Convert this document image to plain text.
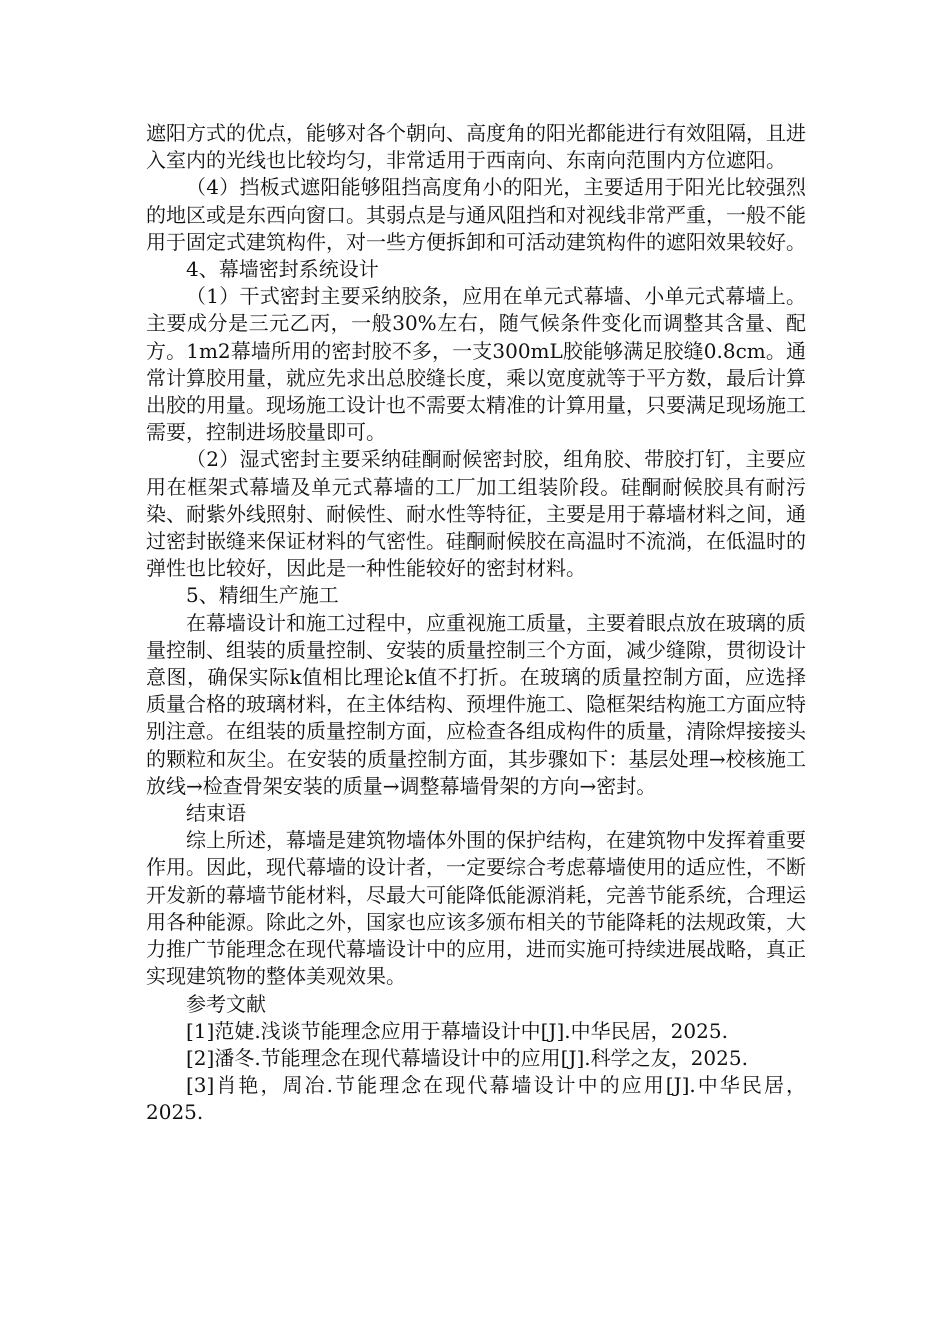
遮阳方式的优点，能够对各个朝向、高度角的阳光都能进行有效阻隔，且进入室内的光线也比较均匀，非常适用于西南向、东南向范围内方位遮阳。

（4）挡板式遮阳能够阻挡高度角小的阳光，主要适用于阳光比较强烈的地区或是东西向窗口。其弱点是与通风阻挡和对视线非常严重，一般不能用于固定式建筑构件，对一些方便拆卸和可活动建筑构件的遮阳效果较好。

4、幕墙密封系统设计

（1）干式密封主要采纳胶条，应用在单元式幕墙、小单元式幕墙上。主要成分是三元乙丙，一般30%左右，随气候条件变化而调整其含量、配方。1m2幕墙所用的密封胶不多，一支300mL胶能够满足胶缝0.8cm。通常计算胶用量，就应先求出总胶缝长度，乘以宽度就等于平方数，最后计算出胶的用量。现场施工设计也不需要太精准的计算用量，只要满足现场施工需要，控制进场胶量即可。

（2）湿式密封主要采纳硅酮耐候密封胶，组角胶、带胶打钉，主要应用在框架式幕墙及单元式幕墙的工厂加工组装阶段。硅酮耐候胶具有耐污染、耐紫外线照射、耐候性、耐水性等特征，主要是用于幕墙材料之间，通过密封嵌缝来保证材料的气密性。硅酮耐候胶在高温时不流淌，在低温时的弹性也比较好，因此是一种性能较好的密封材料。

5、精细生产施工

在幕墙设计和施工过程中，应重视施工质量，主要着眼点放在玻璃的质量控制、组装的质量控制、安装的质量控制三个方面，减少缝隙，贯彻设计意图，确保实际k值相比理论k值不打折。在玻璃的质量控制方面，应选择质量合格的玻璃材料，在主体结构、预埋件施工、隐框架结构施工方面应特别注意。在组装的质量控制方面，应检查各组成构件的质量，清除焊接接头的颗粒和灰尘。在安装的质量控制方面，其步骤如下：基层处理→校核施工放线→检查骨架安装的质量→调整幕墙骨架的方向→密封。

结束语

综上所述，幕墙是建筑物墙体外围的保护结构，在建筑物中发挥着重要作用。因此，现代幕墙的设计者，一定要综合考虑幕墙使用的适应性，不断开发新的幕墙节能材料，尽最大可能降低能源消耗，完善节能系统，合理运用各种能源。除此之外，国家也应该多颁布相关的节能降耗的法规政策，大力推广节能理念在现代幕墙设计中的应用，进而实施可持续进展战略，真正实现建筑物的整体美观效果。

参考文献

[1]范婕.浅谈节能理念应用于幕墙设计中[J].中华民居，2025.

[2]潘冬.节能理念在现代幕墙设计中的应用[J].科学之友，2025.

[3]肖艳，周冶.节能理念在现代幕墙设计中的应用[J].中华民居，2025.
